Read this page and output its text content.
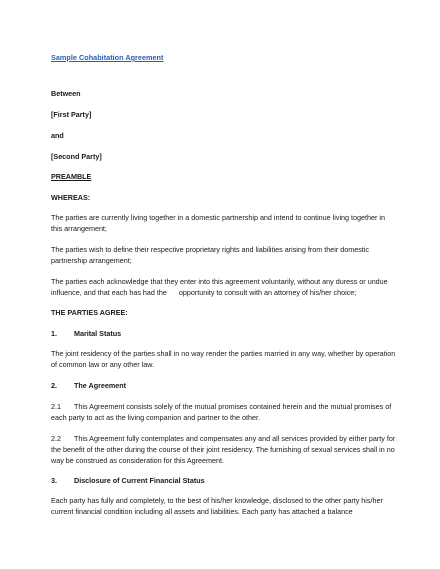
Sample Cohabitation Agreement

Between

[First Party]

and

[Second Party]

PREAMBLE

WHEREAS:

The parties are currently living together in a domestic partnership and intend to continue living together in this arrangement;

The parties wish to define their respective proprietary rights and liabilities arising from their domestic partnership arrangement;

The parties each acknowledge that they enter into this agreement voluntarily, without any duress or undue influence, and that each has had the      opportunity to consult with an attorney of his/her choice;

THE PARTIES AGREE:

1. Marital Status

The joint residency of the parties shall in no way render the parties married in any way, whether by operation of common law or any other law.

2. The Agreement

2.1 This Agreement consists solely of the mutual promises contained herein and the mutual promises of each party to act as the living companion and partner to the other.

2.2 This Agreement fully contemplates and compensates any and all services provided by either party for the benefit of the other during the course of their joint residency. The furnishing of sexual services shall in no way be construed as consideration for this Agreement.

3. Disclosure of Current Financial Status

Each party has fully and completely, to the best of his/her knowledge, disclosed to the other party his/her current financial condition including all assets and liabilities. Each party has attached a balance
